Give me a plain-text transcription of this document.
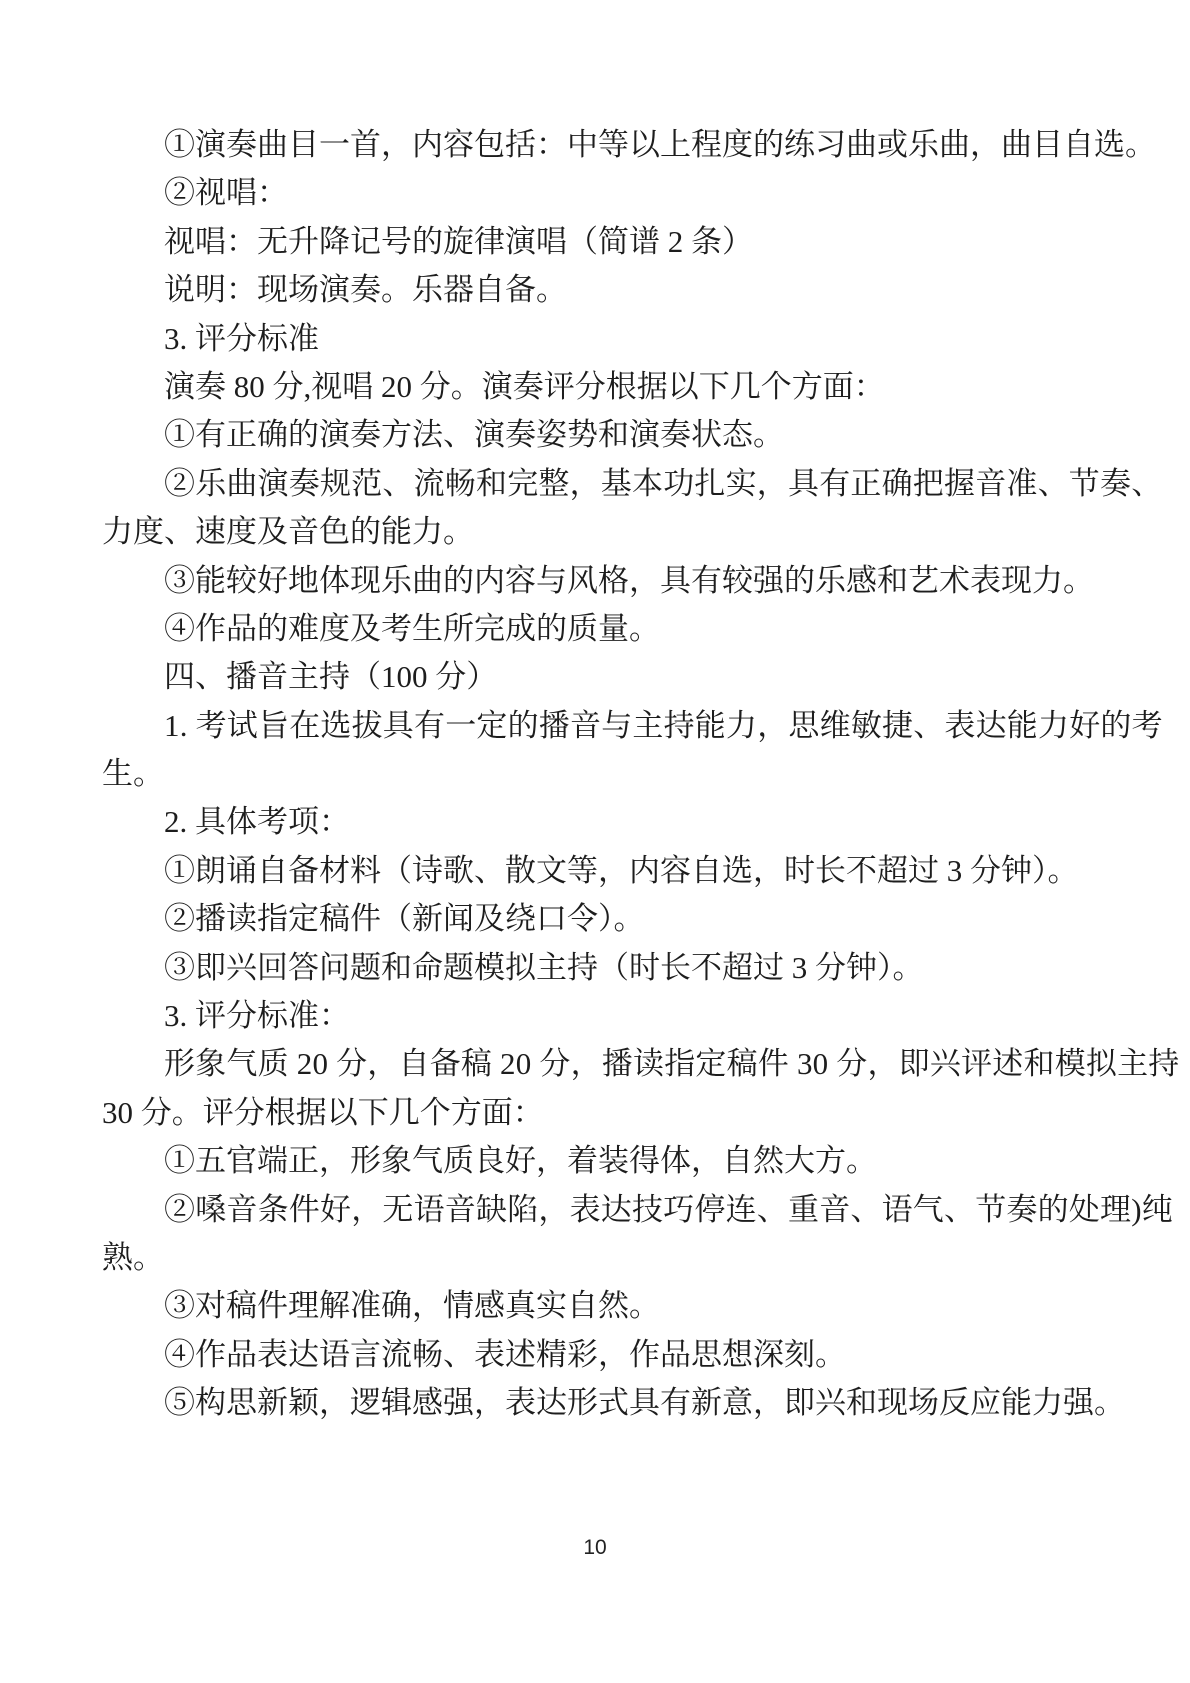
①演奏曲目一首，内容包括：中等以上程度的练习曲或乐曲，曲目自选。
②视唱：
视唱：无升降记号的旋律演唱（简谱 2 条）
说明：现场演奏。乐器自备。
3. 评分标准
演奏 80 分,视唱 20 分。演奏评分根据以下几个方面：
①有正确的演奏方法、演奏姿势和演奏状态。
②乐曲演奏规范、流畅和完整，基本功扎实，具有正确把握音准、节奏、
力度、速度及音色的能力。
③能较好地体现乐曲的内容与风格，具有较强的乐感和艺术表现力。
④作品的难度及考生所完成的质量。
四、播音主持（100 分）
1. 考试旨在选拔具有一定的播音与主持能力，思维敏捷、表达能力好的考
生。
2. 具体考项：
①朗诵自备材料（诗歌、散文等，内容自选，时长不超过 3 分钟）。
②播读指定稿件（新闻及绕口令）。
③即兴回答问题和命题模拟主持（时长不超过 3 分钟）。
3. 评分标准：
形象气质 20 分，自备稿 20 分，播读指定稿件 30 分，即兴评述和模拟主持
30 分。评分根据以下几个方面：
①五官端正，形象气质良好，着装得体，自然大方。
②嗓音条件好，无语音缺陷，表达技巧停连、重音、语气、节奏的处理)纯
熟。
③对稿件理解准确，情感真实自然。
④作品表达语言流畅、表述精彩，作品思想深刻。
⑤构思新颖，逻辑感强，表达形式具有新意，即兴和现场反应能力强。
10
